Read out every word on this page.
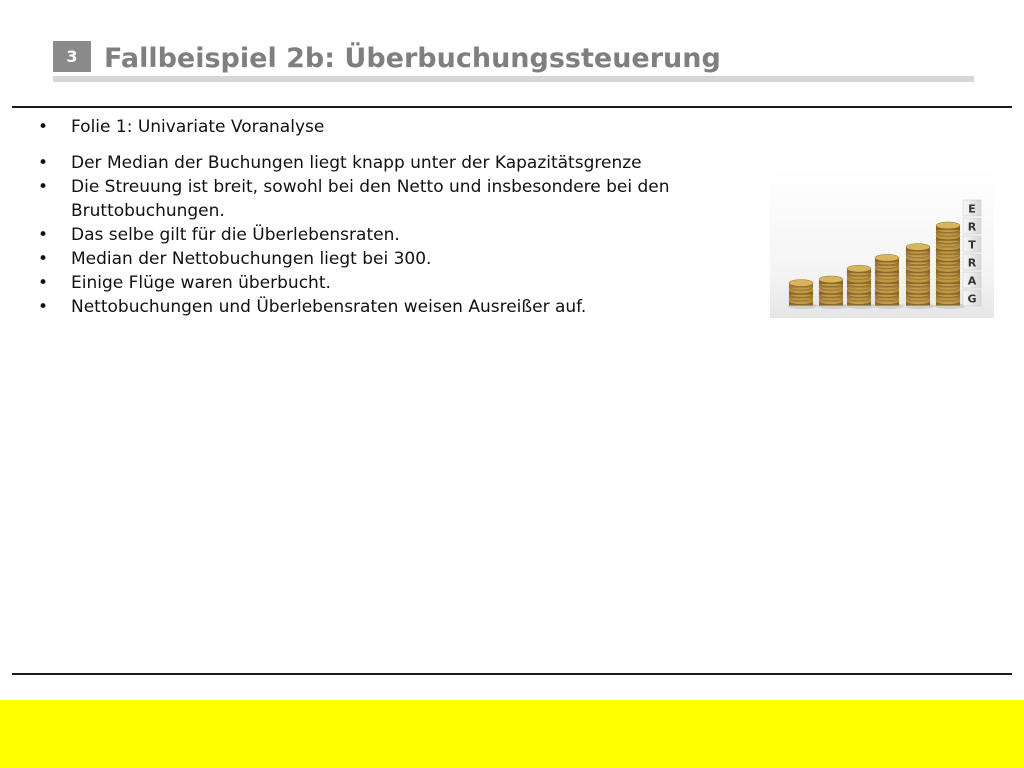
3 Fallbeispiel 2b: Überbuchungssteuerung
• Folie 1: Univariate Voranalyse
• Der Median der Buchungen liegt knapp unter der Kapazitätsgrenze
• Die Streuung ist breit, sowohl bei den Netto und insbesondere bei den Bruttobuchungen.
• Das selbe gilt für die Überlebensraten.
• Median der Nettobuchungen liegt bei 300.
• Einige Flüge waren überbucht.
• Nettobuchungen und Überlebensraten weisen Ausreißer auf.
E
R
T
R
A
G
